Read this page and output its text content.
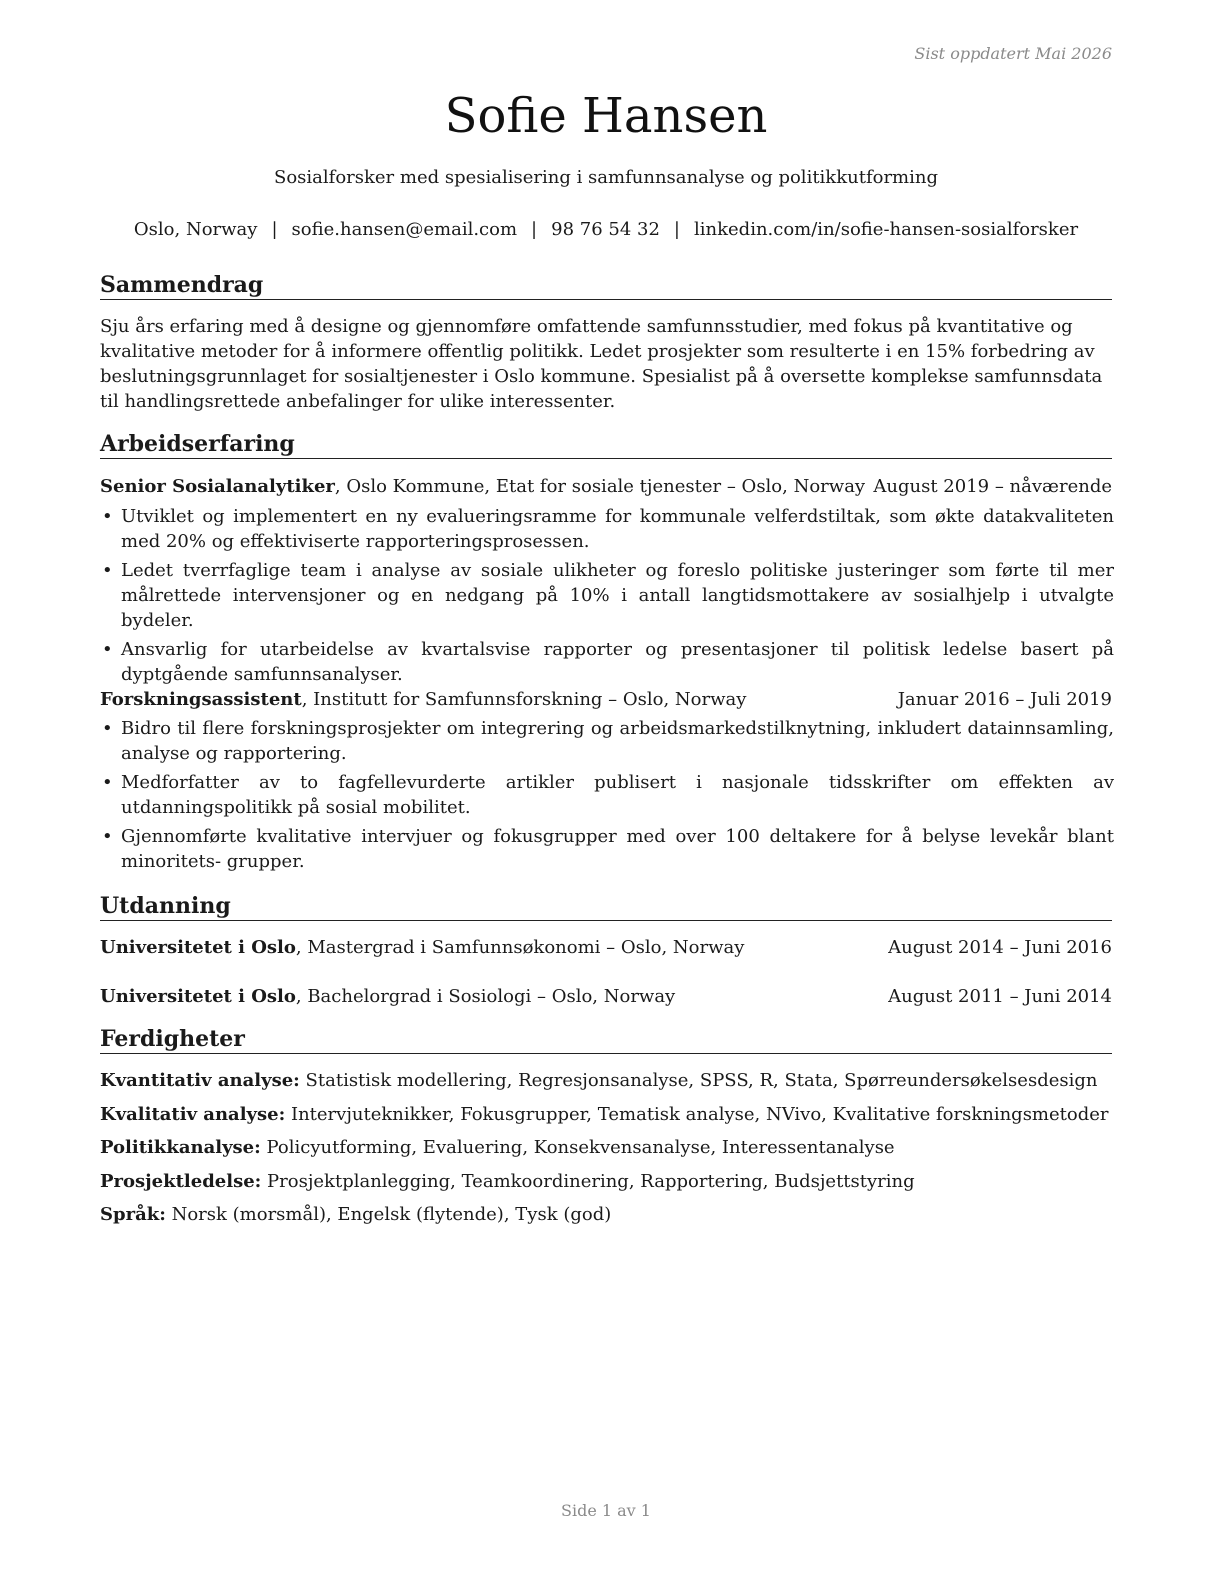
Sist oppdatert Mai 2026
Sofie Hansen
Sosialforsker med spesialisering i samfunnsanalyse og politikkutforming
Oslo, Norway | sofie.hansen@email.com | 98 76 54 32 | linkedin.com/in/sofie-hansen-sosialforsker
Sammendrag
Sju års erfaring med å designe og gjennomføre omfattende samfunnsstudier, med fokus på kvantitative og kvalitative metoder for å informere offentlig politikk. Ledet prosjekter som resulterte i en 15% forbedring av beslutningsgrunnlaget for sosialtjenester i Oslo kommune. Spesialist på å oversette komplekse samfunnsdata til handlingsrettede anbefalinger for ulike interessenter.
Arbeidserfaring
Senior Sosialanalytiker, Oslo Kommune, Etat for sosiale tjenester – Oslo, Norway August 2019 – nåværende
• Utviklet og implementert en ny evalueringsramme for kommunale velferdstiltak, som økte datakvaliteten med 20% og effektiviserte rapporteringsprosessen.
• Ledet tverrfaglige team i analyse av sosiale ulikheter og foreslo politiske justeringer som førte til mer målrettede intervensjoner og en nedgang på 10% i antall langtidsmottakere av sosialhjelp i utvalgte bydeler.
• Ansvarlig for utarbeidelse av kvartalsvise rapporter og presentasjoner til politisk ledelse basert på dyptgående samfunnsanalyser.
Forskningsassistent, Institutt for Samfunnsforskning – Oslo, Norway	Januar 2016 – Juli 2019
• Bidro til flere forskningsprosjekter om integrering og arbeidsmarkedstilknytning, inkludert datainnsamling, analyse og rapportering.
• Medforfatter av to fagfellevurderte artikler publisert i nasjonale tidsskrifter om effekten av utdanningspolitikk på sosial mobilitet.
• Gjennomførte kvalitative intervjuer og fokusgrupper med over 100 deltakere for å belyse levekår blant minoritets- grupper.
Utdanning
Universitetet i Oslo, Mastergrad i Samfunnsøkonomi – Oslo, Norway	August 2014 – Juni 2016
Universitetet i Oslo, Bachelorgrad i Sosiologi – Oslo, Norway	August 2011 – Juni 2014
Ferdigheter
Kvantitativ analyse: Statistisk modellering, Regresjonsanalyse, SPSS, R, Stata, Spørreundersøkelsesdesign
Kvalitativ analyse: Intervjuteknikker, Fokusgrupper, Tematisk analyse, NVivo, Kvalitative forskningsmetoder
Politikkanalyse: Policyutforming, Evaluering, Konsekvensanalyse, Interessentanalyse
Prosjektledelse: Prosjektplanlegging, Teamkoordinering, Rapportering, Budsjettstyring
Språk: Norsk (morsmål), Engelsk (flytende), Tysk (god)
Side 1 av 1
